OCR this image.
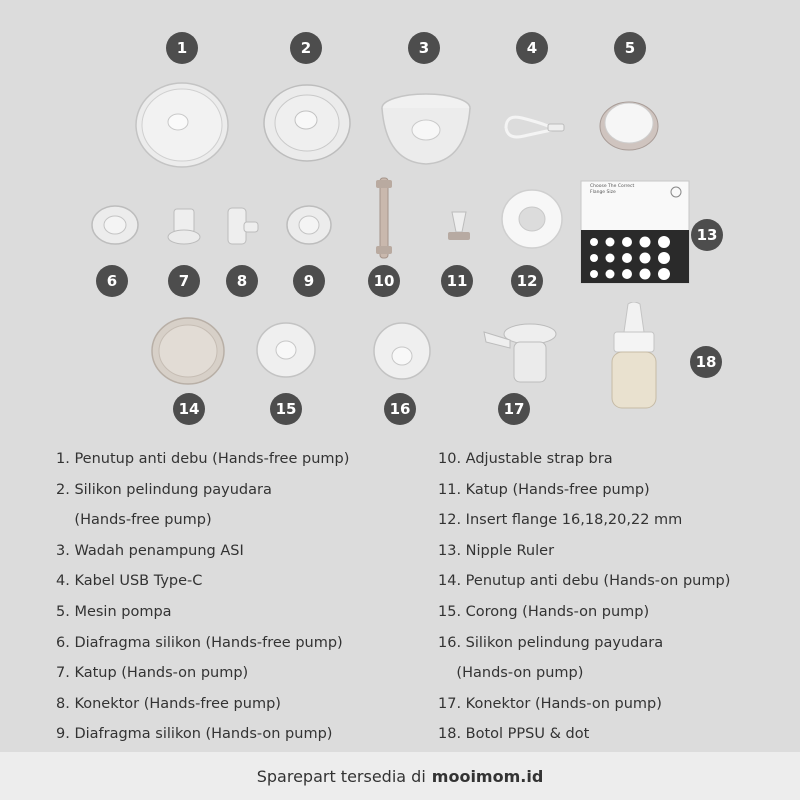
Choose The Correct
Flange Size
1	2	3	4	5
6	7	8	9	10	11	12
13
14	15	16	17
18
1. Penutup anti debu (Hands-free pump)
2. Silikon pelindung payudara
(Hands-free pump)
3. Wadah penampung ASI
4. Kabel USB Type-C
5. Mesin pompa
6. Diafragma silikon (Hands-free pump)
7. Katup (Hands-on pump)
8. Konektor (Hands-free pump)
9. Diafragma silikon (Hands-on pump)
10. Adjustable strap bra
11. Katup (Hands-free pump)
12. Insert flange 16,18,20,22 mm
13. Nipple Ruler
14. Penutup anti debu (Hands-on pump)
15. Corong (Hands-on pump)
16. Silikon pelindung payudara
(Hands-on pump)
17. Konektor (Hands-on pump)
18. Botol PPSU & dot
Sparepart tersedia di mooimom.id
